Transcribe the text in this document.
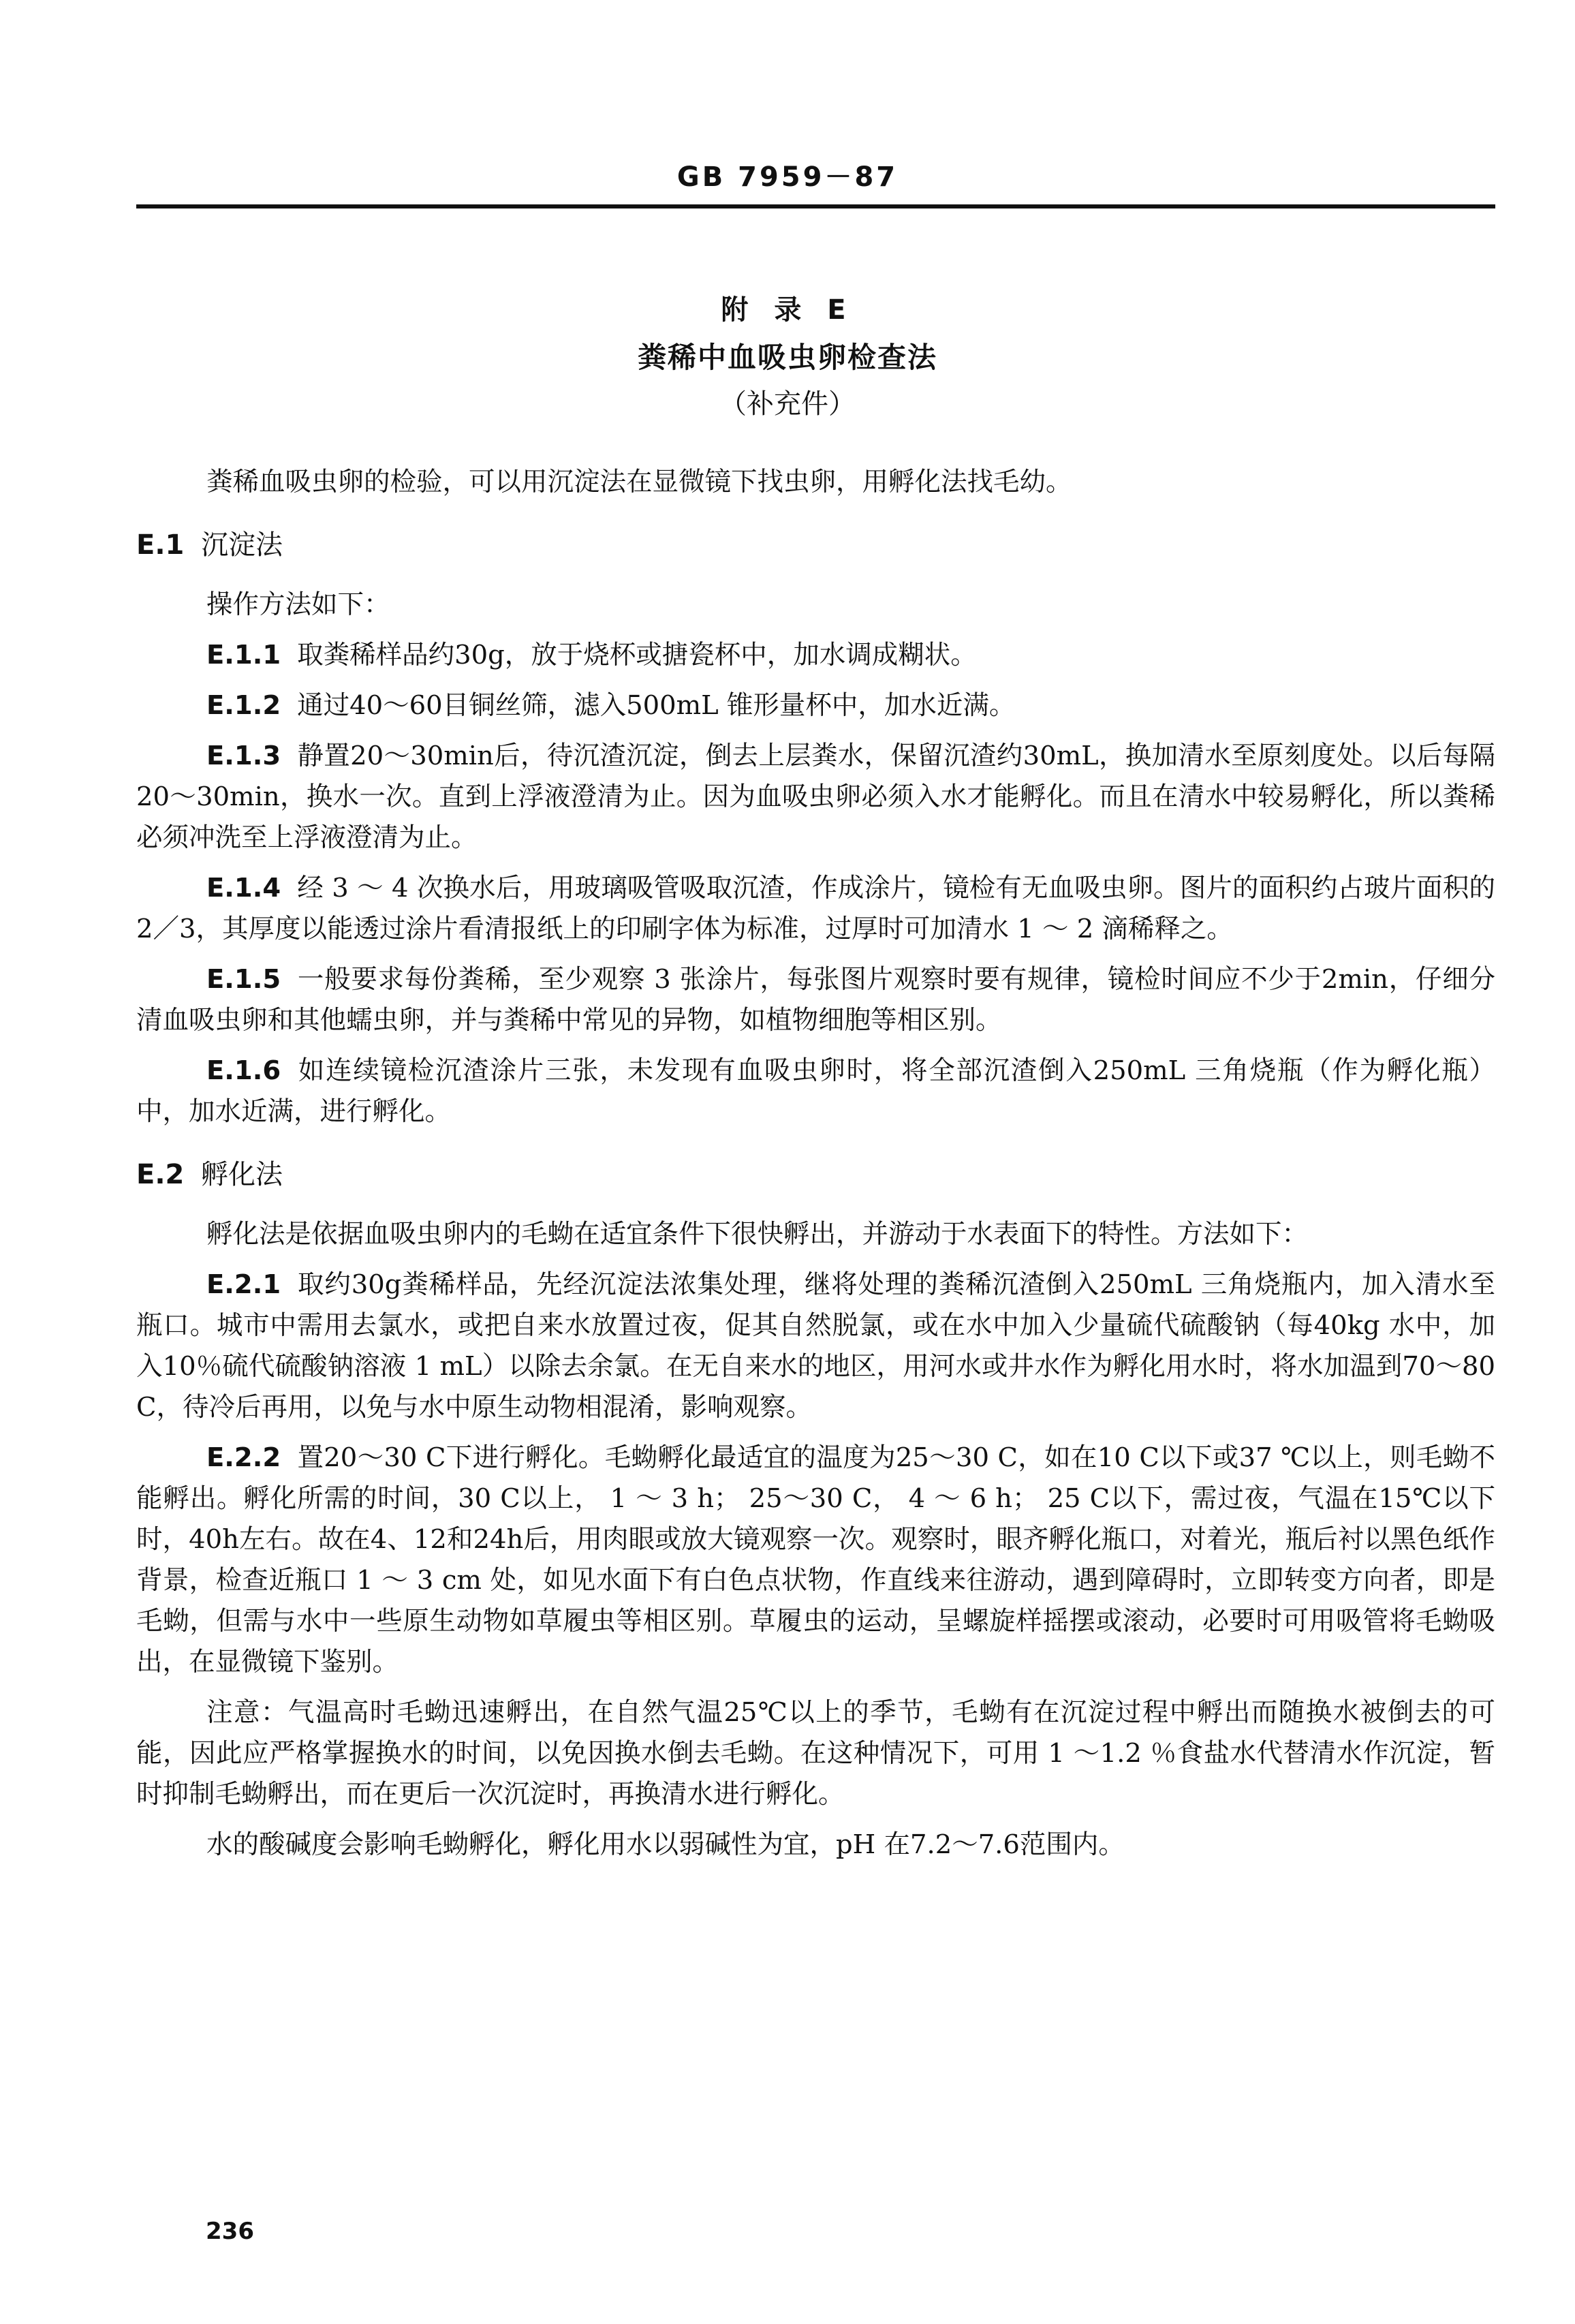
GB 7959－87
附 录 E
粪稀中血吸虫卵检查法
（补充件）

粪稀血吸虫卵的检验，可以用沉淀法在显微镜下找虫卵，用孵化法找毛幼。

E.1 沉淀法

操作方法如下：

E.1.1 取粪稀样品约30g，放于烧杯或搪瓷杯中，加水调成糊状。

E.1.2 通过40～60目铜丝筛，滤入500mL 锥形量杯中，加水近满。

E.1.3 静置20～30min后，待沉渣沉淀，倒去上层粪水，保留沉渣约30mL，换加清水至原刻度处。以后每隔20～30min，换水一次。直到上浮液澄清为止。因为血吸虫卵必须入水才能孵化。而且在清水中较易孵化，所以粪稀必须冲洗至上浮液澄清为止。

E.1.4 经 3 ～ 4 次换水后，用玻璃吸管吸取沉渣，作成涂片，镜检有无血吸虫卵。图片的面积约占玻片面积的2／3，其厚度以能透过涂片看清报纸上的印刷字体为标准，过厚时可加清水 1 ～ 2 滴稀释之。

E.1.5 一般要求每份粪稀，至少观察 3 张涂片，每张图片观察时要有规律，镜检时间应不少于2min，仔细分清血吸虫卵和其他蠕虫卵，并与粪稀中常见的异物，如植物细胞等相区别。

E.1.6 如连续镜检沉渣涂片三张，未发现有血吸虫卵时，将全部沉渣倒入250mL 三角烧瓶（作为孵化瓶）中，加水近满，进行孵化。

E.2 孵化法

孵化法是依据血吸虫卵内的毛蚴在适宜条件下很快孵出，并游动于水表面下的特性。方法如下：

E.2.1 取约30g粪稀样品，先经沉淀法浓集处理，继将处理的粪稀沉渣倒入250mL 三角烧瓶内，加入清水至瓶口。城市中需用去氯水，或把自来水放置过夜，促其自然脱氯，或在水中加入少量硫代硫酸钠（每40kg 水中，加入10％硫代硫酸钠溶液 1 mL）以除去余氯。在无自来水的地区，用河水或井水作为孵化用水时，将水加温到70～80 C，待冷后再用，以免与水中原生动物相混淆，影响观察。

E.2.2 置20～30 C下进行孵化。毛蚴孵化最适宜的温度为25～30 C，如在10 C以下或37 ℃以上，则毛蚴不能孵出。孵化所需的时间，30 C以上， 1 ～ 3 h； 25～30 C， 4 ～ 6 h； 25 C以下，需过夜，气温在15℃以下时，40h左右。故在4、12和24h后，用肉眼或放大镜观察一次。观察时，眼齐孵化瓶口，对着光，瓶后衬以黑色纸作背景，检查近瓶口 1 ～ 3 cm 处，如见水面下有白色点状物，作直线来往游动，遇到障碍时，立即转变方向者，即是毛蚴，但需与水中一些原生动物如草履虫等相区别。草履虫的运动，呈螺旋样摇摆或滚动，必要时可用吸管将毛蚴吸出，在显微镜下鉴别。

注意：气温高时毛蚴迅速孵出，在自然气温25℃以上的季节，毛蚴有在沉淀过程中孵出而随换水被倒去的可能，因此应严格掌握换水的时间，以免因换水倒去毛蚴。在这种情况下，可用 1 ～1.2 ％食盐水代替清水作沉淀，暂时抑制毛蚴孵出，而在更后一次沉淀时，再换清水进行孵化。

水的酸碱度会影响毛蚴孵化，孵化用水以弱碱性为宜，pH 在7.2～7.6范围内。

236
